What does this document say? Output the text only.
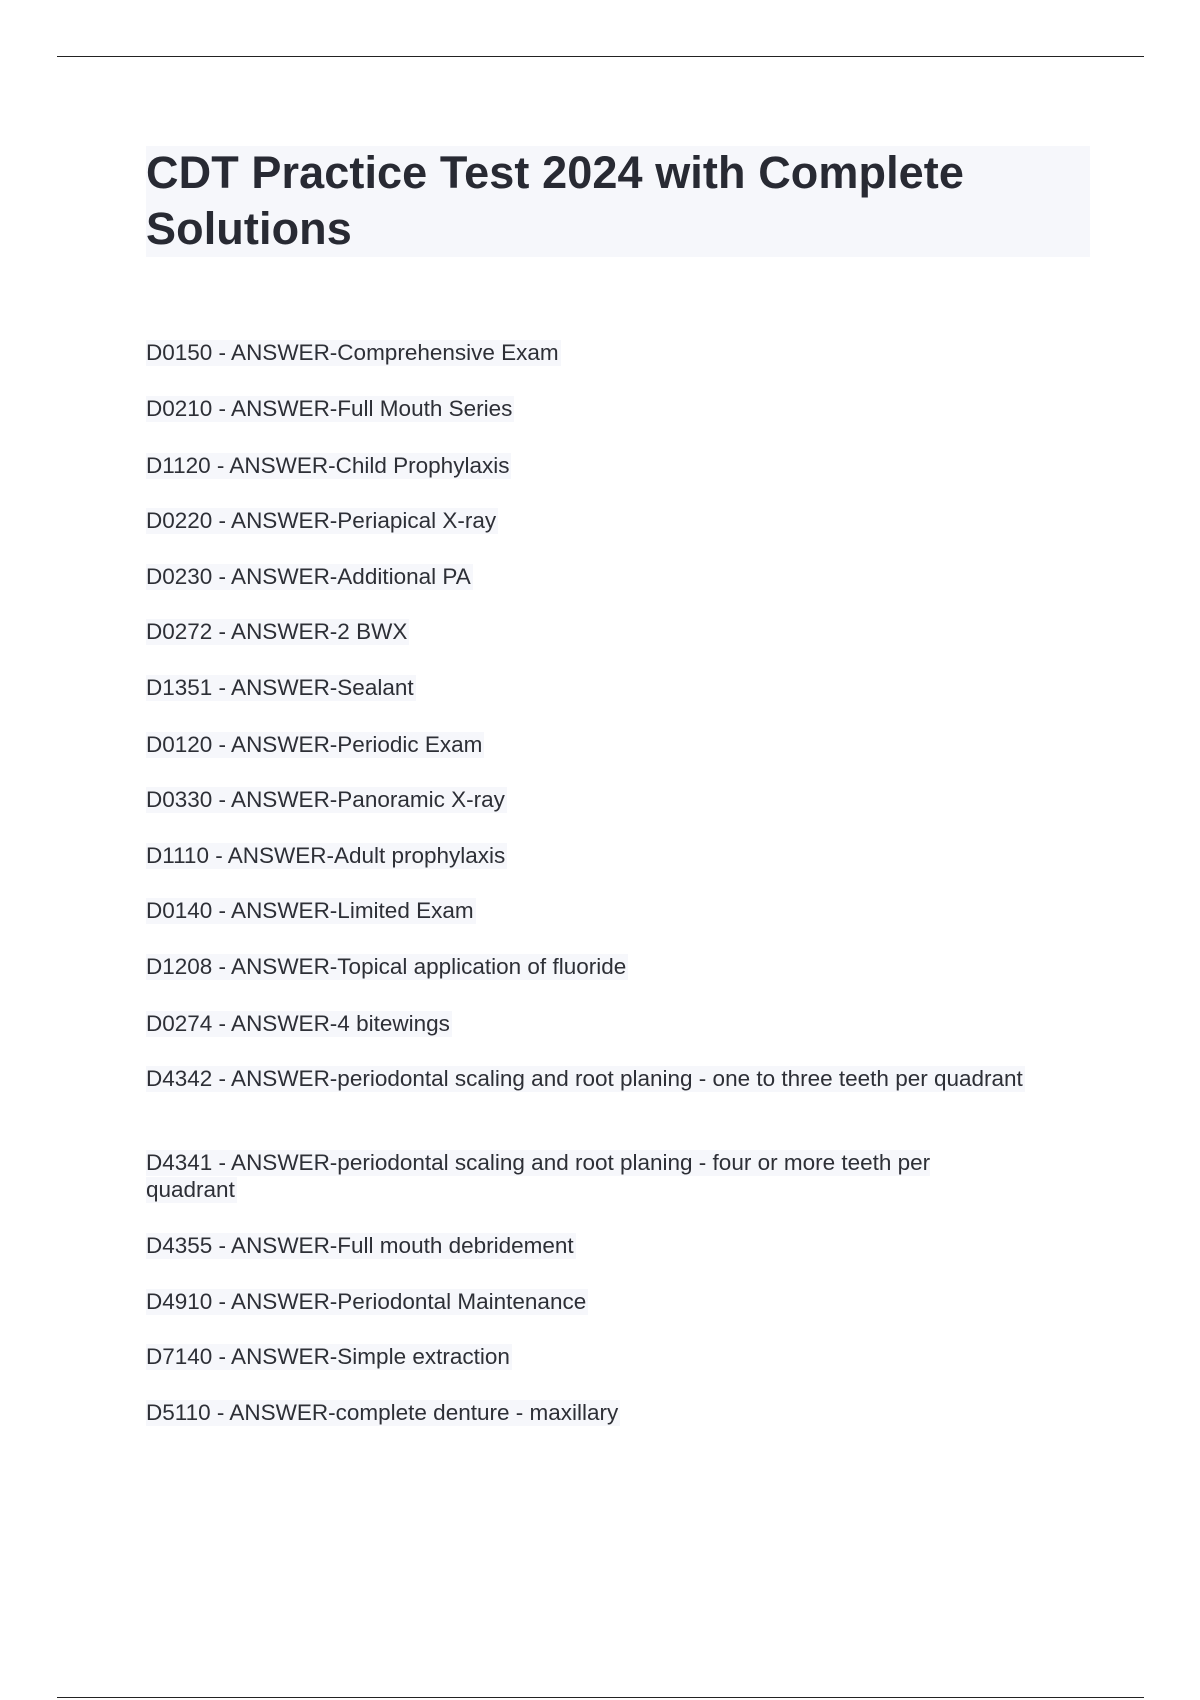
CDT Practice Test 2024 with Complete Solutions
D0150 - ANSWER-Comprehensive Exam
D0210 - ANSWER-Full Mouth Series
D1120 - ANSWER-Child Prophylaxis
D0220 - ANSWER-Periapical X-ray
D0230 - ANSWER-Additional PA
D0272 - ANSWER-2 BWX
D1351 - ANSWER-Sealant
D0120 - ANSWER-Periodic Exam
D0330 - ANSWER-Panoramic X-ray
D1110 - ANSWER-Adult prophylaxis
D0140 - ANSWER-Limited Exam
D1208 - ANSWER-Topical application of fluoride
D0274 - ANSWER-4 bitewings
D4342 - ANSWER-periodontal scaling and root planing - one to three teeth per quadrant
D4341 - ANSWER-periodontal scaling and root planing - four or more teeth per quadrant
D4355 - ANSWER-Full mouth debridement
D4910 - ANSWER-Periodontal Maintenance
D7140 - ANSWER-Simple extraction
D5110 - ANSWER-complete denture - maxillary
